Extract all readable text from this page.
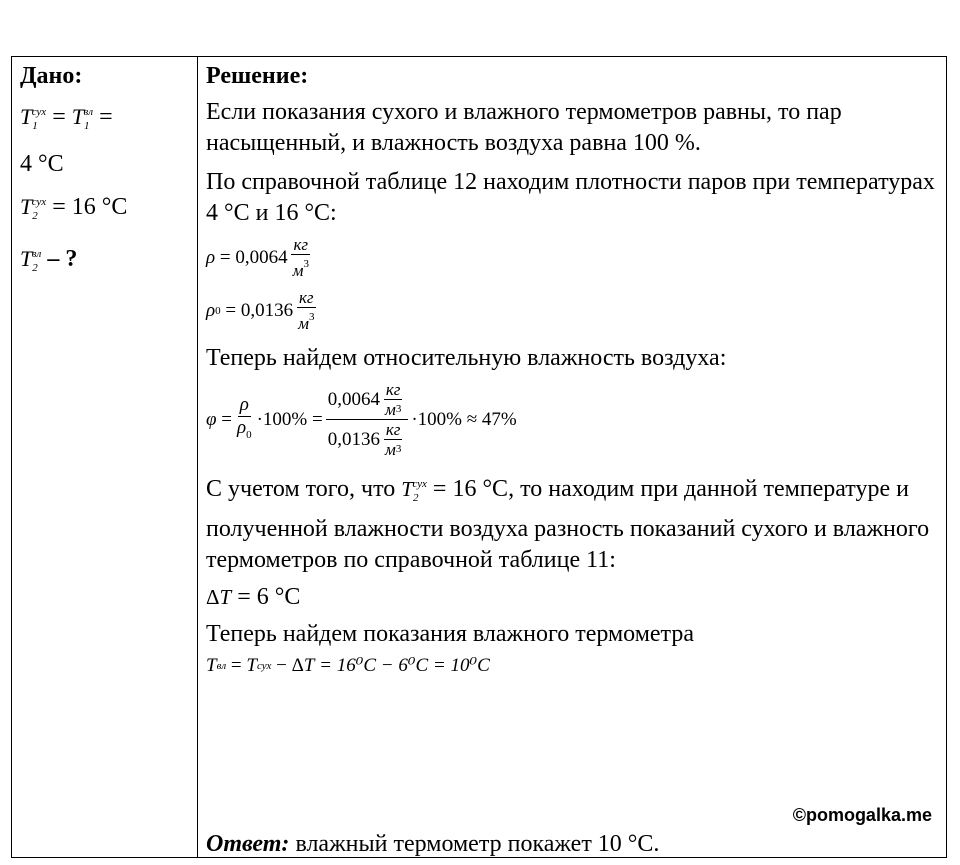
Дано:
$T_1^{сух} = T_1^{вл}$ =
4 °C
$T_2^{сух} = 16$ °C
$T_2^{вл}$ – ?
Решение:
Если показания сухого и влажного термометров равны, то пар насыщенный, и влажность воздуха равна 100 %.
По справочной таблице 12 находим плотности паров при температурах 4 °C и 16 °C:
ρ
= $0,0064 \frac{кг}{м^3}$
ρ 0
= $0,0136 \frac{кг}{м^3}$
Теперь найдем относительную влажность воздуха:
$\varphi = \frac{\rho}{\rho_0} \cdot 100\% = \frac{0,0064 \frac{кг}{м 3}}{0,0136 \frac{кг}{м 3}} \cdot 100\% \approx 47\%$
С учетом того, что $T_2^{сух} = 16$ °C, то находим при данной температуре и полученной влажности воздуха разность показаний сухого и влажного термометров по справочной таблице 11:
ΔT = 6 °C
Теперь найдем показания влажного термометра
T вл = T сух − Δ T
= 16⁰C − 6⁰C = 10⁰C
Ответ: влажный термометр покажет 10 °C.
©pomogalka.me
